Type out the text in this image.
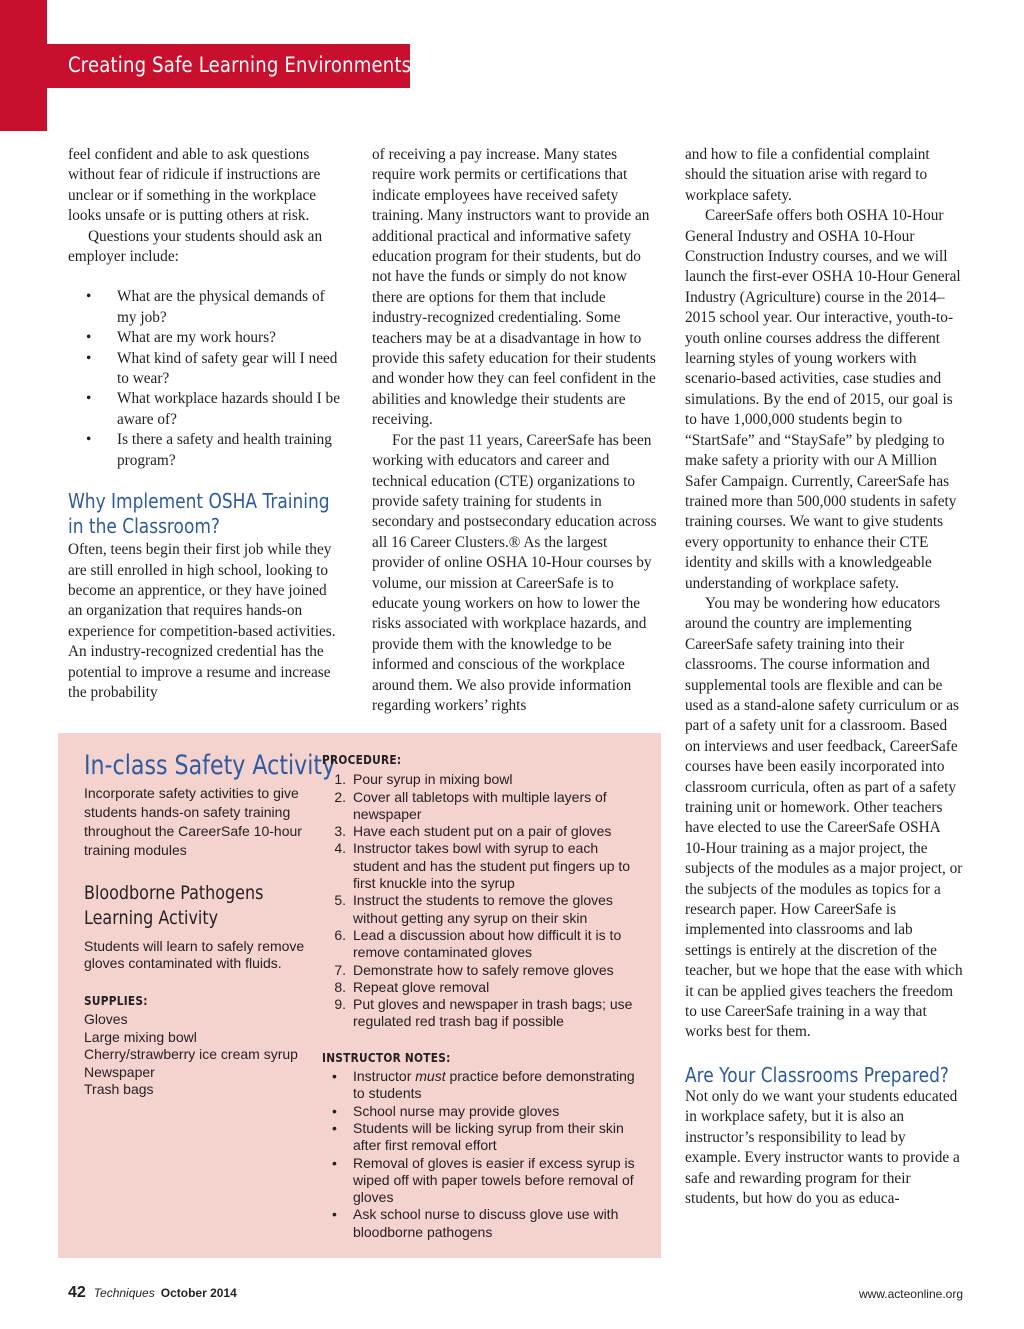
Creating Safe Learning Environments

feel confident and able to ask questions without fear of ridicule if instructions are unclear or if something in the workplace looks unsafe or is putting others at risk.

Questions your students should ask an employer include:

• What are the physical demands of my job?
• What are my work hours?
• What kind of safety gear will I need to wear?
• What workplace hazards should I be aware of?
• Is there a safety and health training program?
Why Implement OSHA Training in the Classroom?

Often, teens begin their first job while they are still enrolled in high school, looking to become an apprentice, or they have joined an organization that requires hands-on experience for competition-based activities. An industry-recognized credential has the potential to improve a resume and increase the probability

of receiving a pay increase. Many states require work permits or certifications that indicate employees have received safety training. Many instructors want to provide an additional practical and informative safety education program for their students, but do not have the funds or simply do not know there are options for them that include industry-recognized credentialing. Some teachers may be at a disadvantage in how to provide this safety education for their students and wonder how they can feel confident in the abilities and knowledge their students are receiving.

For the past 11 years, CareerSafe has been working with educators and career and technical education (CTE) organizations to provide safety training for students in secondary and postsecondary education across all 16 Career Clusters.® As the largest provider of online OSHA 10-Hour courses by volume, our mission at CareerSafe is to educate young workers on how to lower the risks associated with workplace hazards, and provide them with the knowledge to be informed and conscious of the workplace around them. We also provide information regarding workers’ rights

and how to file a confidential complaint should the situation arise with regard to workplace safety.

CareerSafe offers both OSHA 10-Hour General Industry and OSHA 10-Hour Construction Industry courses, and we will launch the first-ever OSHA 10-Hour General Industry (Agriculture) course in the 2014–2015 school year. Our interactive, youth-to-youth online courses address the different learning styles of young workers with scenario-based activities, case studies and simulations. By the end of 2015, our goal is to have 1,000,000 students begin to “StartSafe” and “StaySafe” by pledging to make safety a priority with our A Million Safer Campaign. Currently, CareerSafe has trained more than 500,000 students in safety training courses. We want to give students every opportunity to enhance their CTE identity and skills with a knowledgeable understanding of workplace safety.

You may be wondering how educators around the country are implementing CareerSafe safety training into their classrooms. The course information and supplemental tools are flexible and can be used as a stand-alone safety curriculum or as part of a safety unit for a classroom. Based on interviews and user feedback, CareerSafe courses have been easily incorporated into classroom curricula, often as part of a safety training unit or homework. Other teachers have elected to use the CareerSafe OSHA 10-Hour training as a major project, the subjects of the modules as a major project, or the subjects of the modules as topics for a research paper. How CareerSafe is implemented into classrooms and lab settings is entirely at the discretion of the teacher, but we hope that the ease with which it can be applied gives teachers the freedom to use CareerSafe training in a way that works best for them.

Are Your Classrooms Prepared?

Not only do we want your students educated in workplace safety, but it is also an instructor’s responsibility to lead by example. Every instructor wants to provide a safe and rewarding program for their students, but how do you as educa-

In-class Safety Activity

Incorporate safety activities to give students hands-on safety training throughout the CareerSafe 10-hour training modules

Bloodborne Pathogens Learning Activity

Students will learn to safely remove gloves contaminated with fluids.

SUPPLIES:
Gloves
Large mixing bowl
Cherry/strawberry ice cream syrup
Newspaper
Trash bags
PROCEDURE:
1. Pour syrup in mixing bowl
2. Cover all tabletops with multiple layers of newspaper
3. Have each student put on a pair of gloves
4. Instructor takes bowl with syrup to each student and has the student put fingers up to first knuckle into the syrup
5. Instruct the students to remove the gloves without getting any syrup on their skin
6. Lead a discussion about how difficult it is to remove contaminated gloves
7. Demonstrate how to safely remove gloves
8. Repeat glove removal
9. Put gloves and newspaper in trash bags; use regulated red trash bag if possible
INSTRUCTOR NOTES:
• Instructor must practice before demonstrating to students
• School nurse may provide gloves
• Students will be licking syrup from their skin after first removal effort
• Removal of gloves is easier if excess syrup is wiped off with paper towels before removal of gloves
• Ask school nurse to discuss glove use with bloodborne pathogens
42 Techniques October 2014	www.acteonline.org
